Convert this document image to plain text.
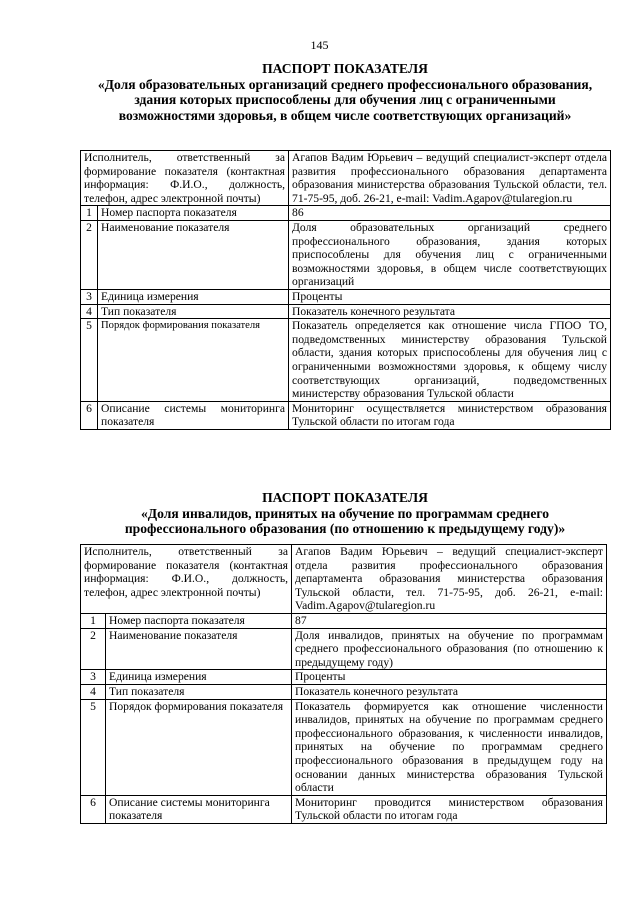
145
ПАСПОРТ ПОКАЗАТЕЛЯ
«Доля образовательных организаций среднего профессионального образования, здания которых приспособлены для обучения лиц с ограниченными возможностями здоровья, в общем числе соответствующих организаций»
Исполнитель, ответственный за формирование показателя (контактная информация: Ф.И.О., должность, телефон, адрес электронной почты)		Агапов Вадим Юрьевич – ведущий специалист-эксперт отдела развития профессионального образования департамента образования министерства образования Тульской области, тел. 71-75-95, доб. 26-21, e-mail: Vadim.Agapov@tularegion.ru
1	Номер паспорта показателя	86
2	Наименование показателя	Доля образовательных организаций среднего профессионального образования, здания которых приспособлены для обучения лиц с ограниченными возможностями здоровья, в общем числе соответствующих организаций
3	Единица измерения	Проценты
4	Тип показателя	Показатель конечного результата
5	Порядок формирования показателя	Показатель определяется как отношение числа ГПОО ТО, подведомственных министерству образования Тульской области, здания которых приспособлены для обучения лиц с ограниченными возможностями здоровья, к общему числу соответствующих организаций, подведомственных министерству образования Тульской области
6	Описание системы мониторинга показателя	Мониторинг осуществляется министерством образования Тульской области по итогам года
ПАСПОРТ ПОКАЗАТЕЛЯ
«Доля инвалидов, принятых на обучение по программам среднего профессионального образования (по отношению к предыдущему году)»
Исполнитель, ответственный за формирование показателя (контактная информация: Ф.И.О., должность, телефон, адрес электронной почты)		Агапов Вадим Юрьевич – ведущий специалист-эксперт отдела развития профессионального образования департамента образования министерства образования Тульской области, тел. 71-75-95, доб. 26-21, e-mail: Vadim.Agapov@tularegion.ru
1	Номер паспорта показателя	87
2	Наименование показателя	Доля инвалидов, принятых на обучение по программам среднего профессионального образования (по отношению к предыдущему году)
3	Единица измерения	Проценты
4	Тип показателя	Показатель конечного результата
5	Порядок формирования показателя	Показатель формируется как отношение численности инвалидов, принятых на обучение по программам среднего профессионального образования, к численности инвалидов, принятых на обучение по программам среднего профессионального образования в предыдущем году на основании данных министерства образования Тульской области
6	Описание системы мониторинга показателя	Мониторинг проводится министерством образования Тульской области по итогам года
